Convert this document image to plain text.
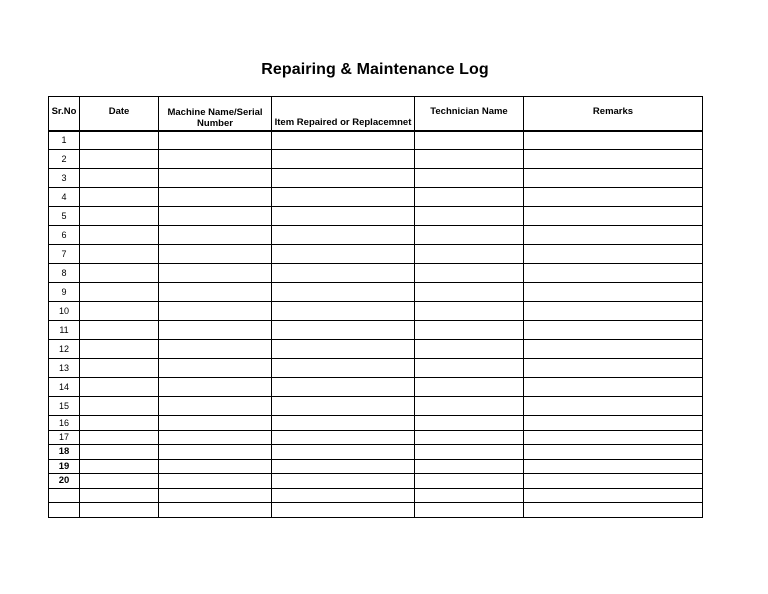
Repairing & Maintenance Log
Sr.No	Date	Machine Name/Serial Number	Item Repaired or Replacemnet	Technician Name	Remarks
1					
2					
3					
4					
5					
6					
7					
8					
9					
10					
11					
12					
13					
14					
15					
16					
17					
18					
19					
20					
